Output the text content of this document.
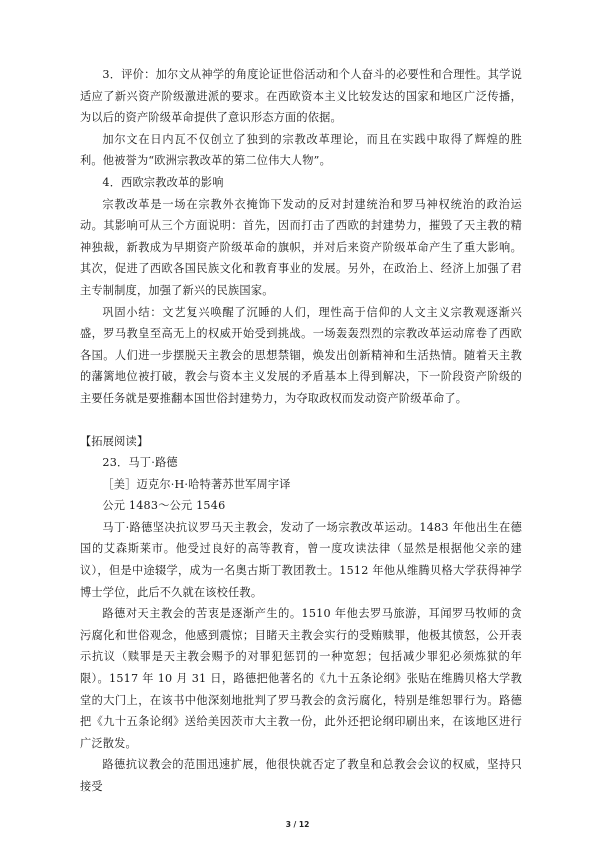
3．评价：加尔文从神学的角度论证世俗活动和个人奋斗的必要性和合理性。其学说适应了新兴资产阶级激进派的要求。在西欧资本主义比较发达的国家和地区广泛传播，为以后的资产阶级革命提供了意识形态方面的依据。

加尔文在日内瓦不仅创立了独到的宗教改革理论，而且在实践中取得了辉煌的胜利。他被誉为“欧洲宗教改革的第二位伟大人物”。

4．西欧宗教改革的影响

宗教改革是一场在宗教外衣掩饰下发动的反对封建统治和罗马神权统治的政治运动。其影响可从三个方面说明：首先，因而打击了西欧的封建势力，摧毁了天主教的精神独裁，新教成为早期资产阶级革命的旗帜，并对后来资产阶级革命产生了重大影响。其次，促进了西欧各国民族文化和教育事业的发展。另外，在政治上、经济上加强了君主专制制度，加强了新兴的民族国家。

巩固小结：文艺复兴唤醒了沉睡的人们，理性高于信仰的人文主义宗教观逐渐兴盛，罗马教皇至高无上的权威开始受到挑战。一场轰轰烈烈的宗教改革运动席卷了西欧各国。人们进一步摆脱天主教会的思想禁锢，焕发出创新精神和生活热情。随着天主教的藩篱地位被打破，教会与资本主义发展的矛盾基本上得到解决，下一阶段资产阶级的主要任务就是要推翻本国世俗封建势力，为夺取政权而发动资产阶级革命了。

【拓展阅读】

23．马丁·路德

［美］迈克尔·H·哈特著苏世军周宇译

公元 1483～公元 1546

马丁·路德坚决抗议罗马天主教会，发动了一场宗教改革运动。1483 年他出生在德国的艾森斯莱市。他受过良好的高等教育，曾一度攻读法律（显然是根据他父亲的建议），但是中途辍学，成为一名奥古斯丁教团教士。1512 年他从维腾贝格大学获得神学博士学位，此后不久就在该校任教。

路德对天主教会的苦衷是逐渐产生的。1510 年他去罗马旅游，耳闻罗马牧师的贪污腐化和世俗观念，他感到震惊；目睹天主教会实行的受贿赎罪，他极其愤怒，公开表示抗议（赎罪是天主教会赐予的对罪犯惩罚的一种宽恕；包括减少罪犯必须炼狱的年限）。1517 年 10 月 31 日，路德把他著名的《九十五条论纲》张贴在维腾贝格大学教堂的大门上，在该书中他深刻地批判了罗马教会的贪污腐化，特别是维恕罪行为。路德把《九十五条论纲》送给美因茨市大主教一份，此外还把论纲印刷出来，在该地区进行广泛散发。

路德抗议教会的范围迅速扩展，他很快就否定了教皇和总教会会议的权威，坚持只接受

3 / 12
